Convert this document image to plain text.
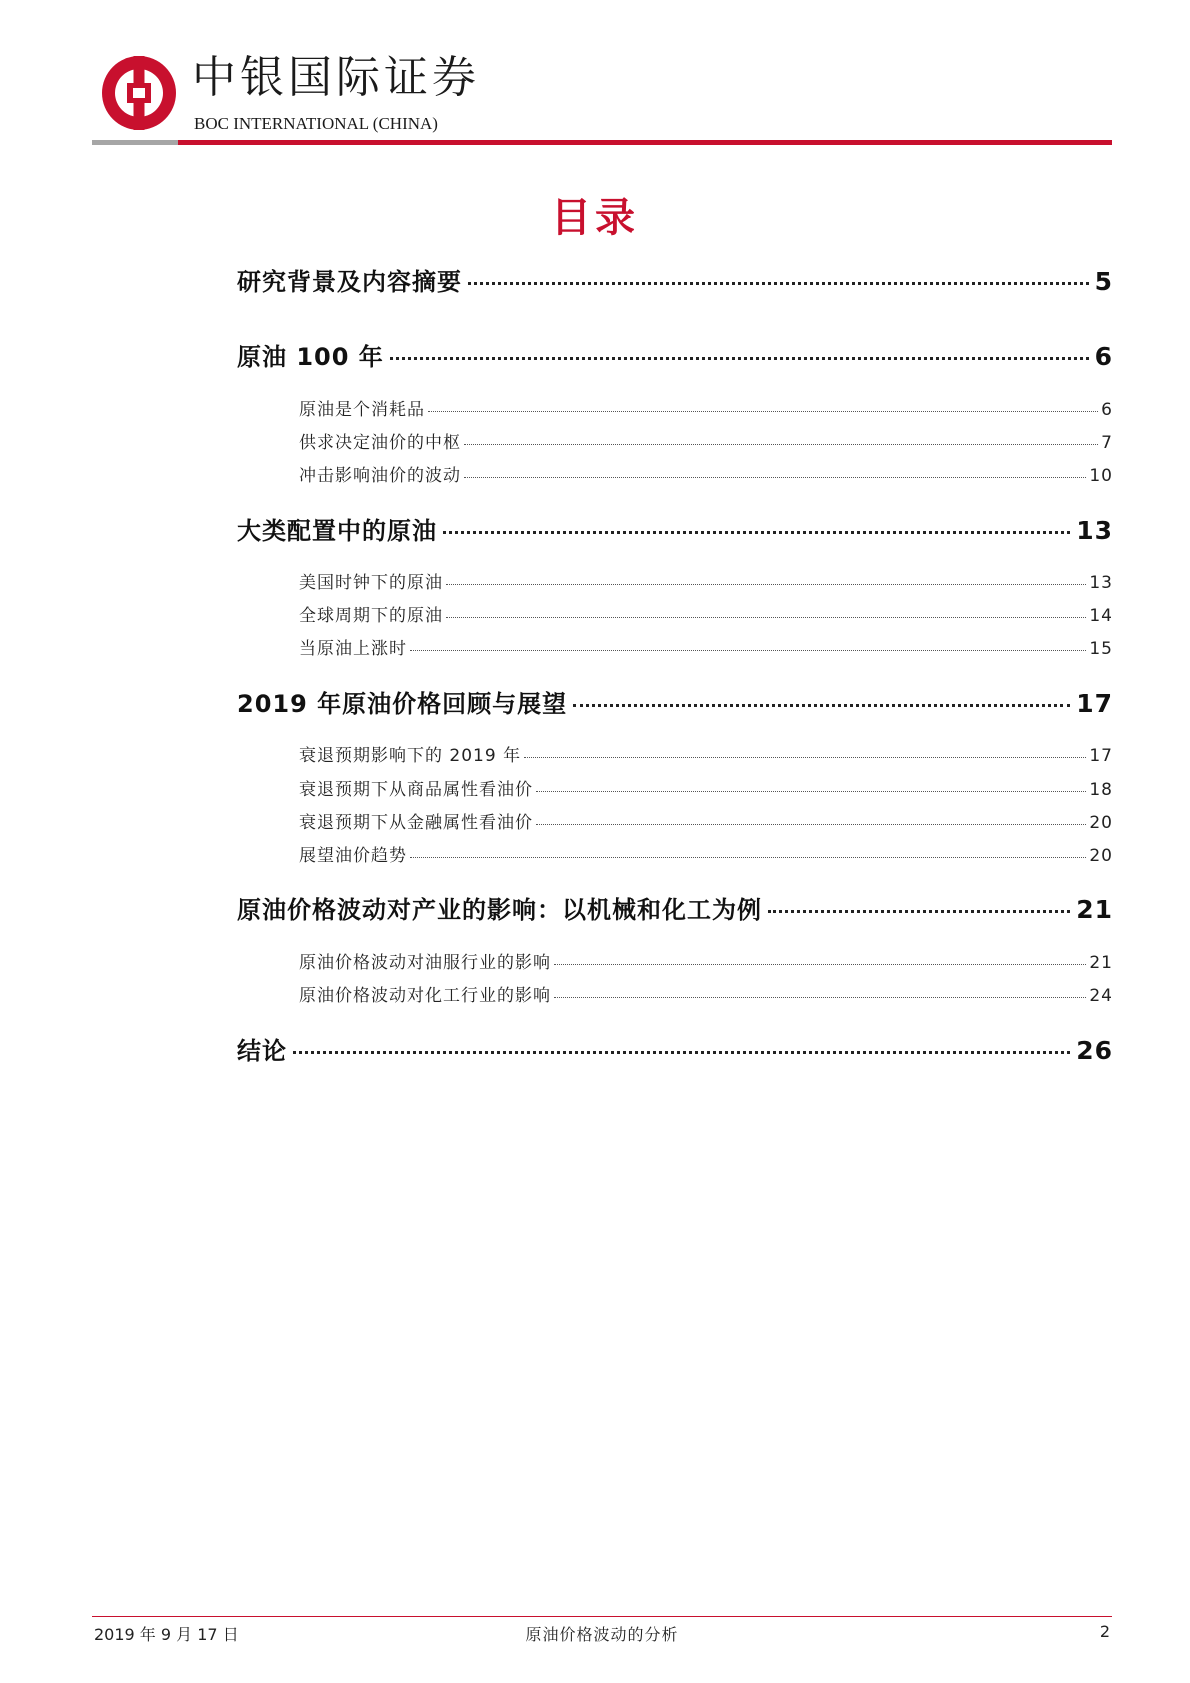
中银国际证券
BOC INTERNATIONAL (CHINA)
目录
研究背景及内容摘要	5
原油 100 年	6
原油是个消耗品	6
供求决定油价的中枢	7
冲击影响油价的波动	10
大类配置中的原油	13
美国时钟下的原油	13
全球周期下的原油	14
当原油上涨时	15
2019 年原油价格回顾与展望	17
衰退预期影响下的 2019 年	17
衰退预期下从商品属性看油价	18
衰退预期下从金融属性看油价	20
展望油价趋势	20
原油价格波动对产业的影响：以机械和化工为例	21
原油价格波动对油服行业的影响	21
原油价格波动对化工行业的影响	24
结论	26
2019 年 9 月 17 日	原油价格波动的分析	2
